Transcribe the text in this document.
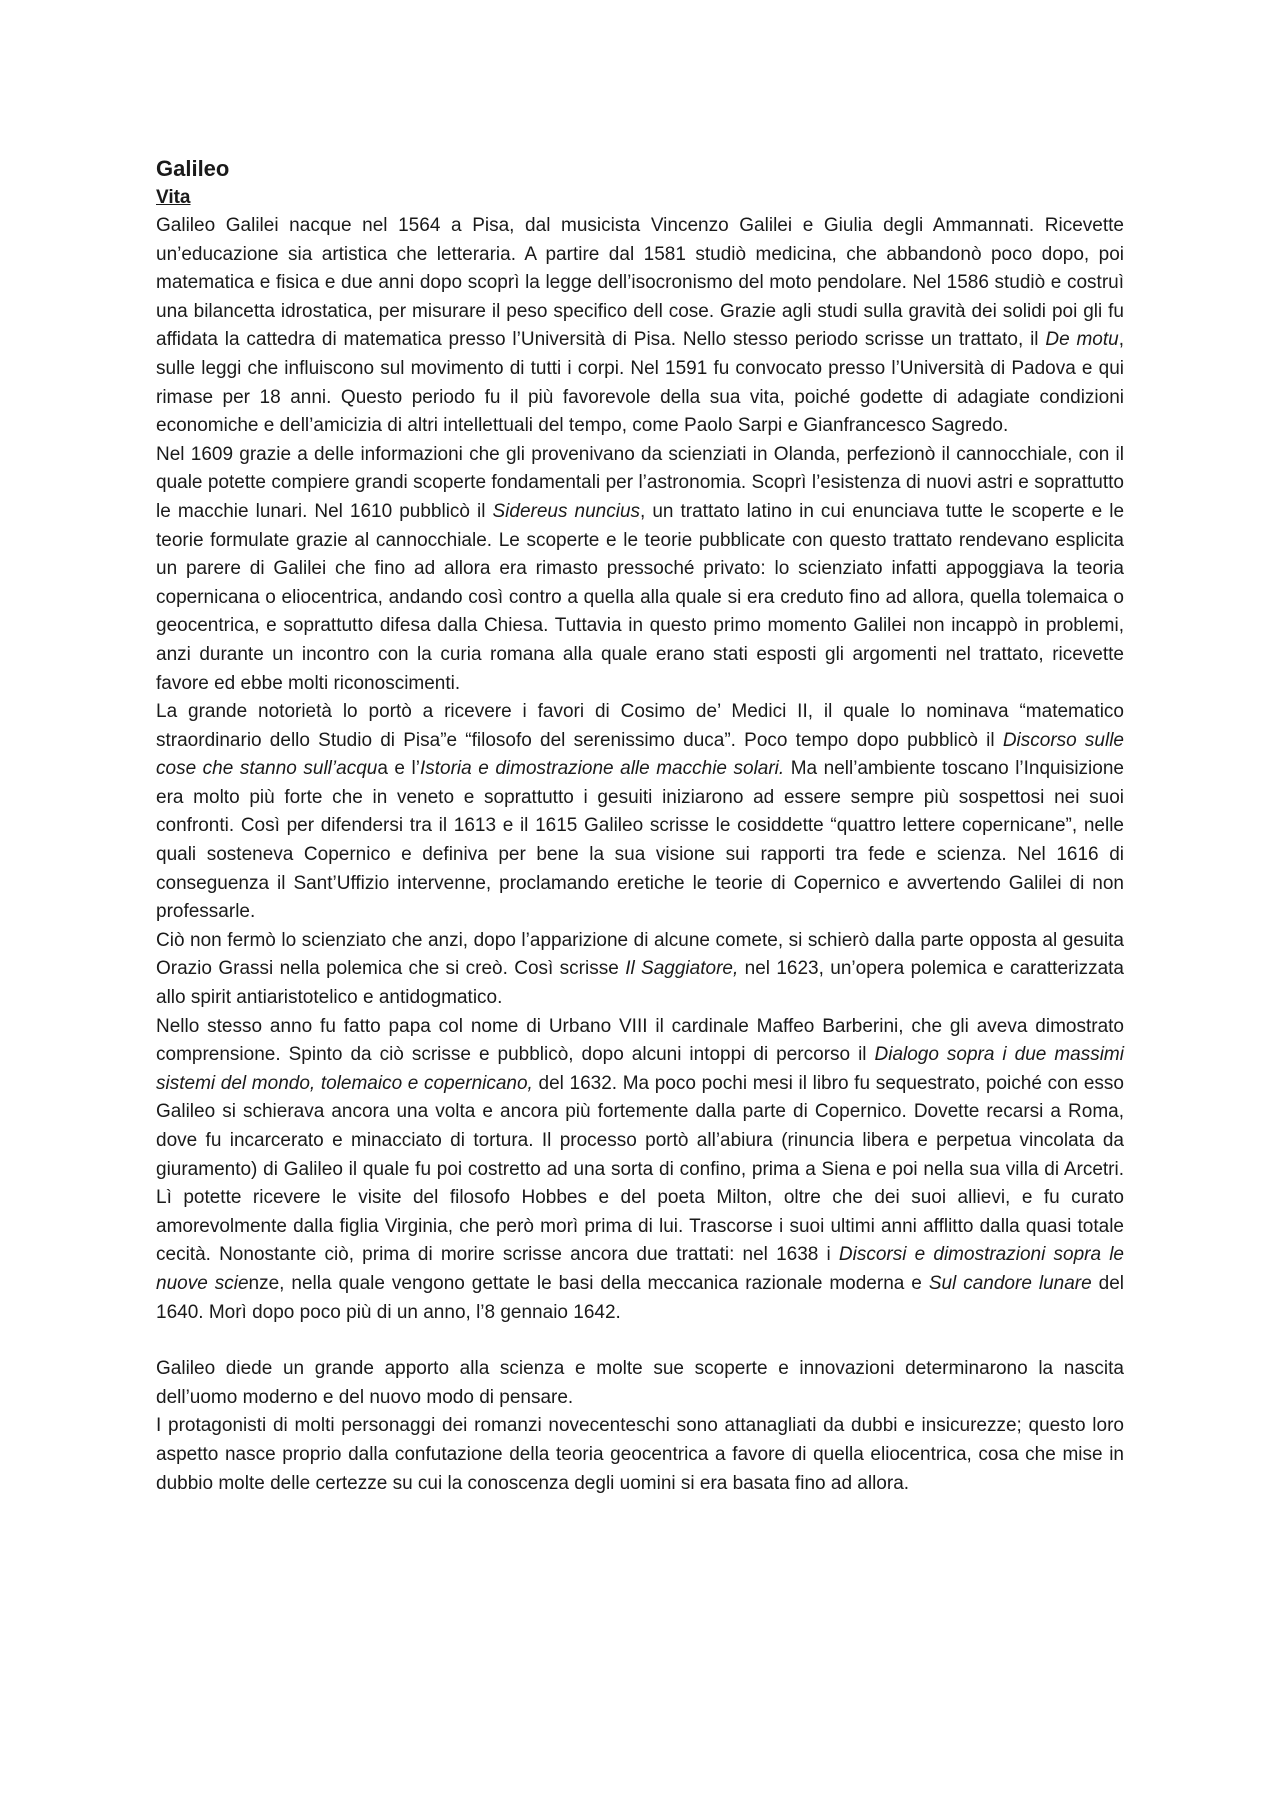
Galileo
Vita

Galileo Galilei nacque nel 1564 a Pisa, dal musicista Vincenzo Galilei e Giulia degli Ammannati. Ricevette un’educazione sia artistica che letteraria. A partire dal 1581 studiò medicina, che abbandonò poco dopo, poi matematica e fisica e due anni dopo scoprì la legge dell’isocronismo del moto pendolare. Nel 1586 studiò e costruì una bilancetta idrostatica, per misurare il peso specifico dell cose. Grazie agli studi sulla gravità dei solidi poi gli fu affidata la cattedra di matematica presso l’Università di Pisa. Nello stesso periodo scrisse un trattato, il De motu, sulle leggi che influiscono sul movimento di tutti i corpi. Nel 1591 fu convocato presso l’Università di Padova e qui rimase per 18 anni. Questo periodo fu il più favorevole della sua vita, poiché godette di adagiate condizioni economiche e dell’amicizia di altri intellettuali del tempo, come Paolo Sarpi e Gianfrancesco Sagredo.

Nel 1609 grazie a delle informazioni che gli provenivano da scienziati in Olanda, perfezionò il cannocchiale, con il quale potette compiere grandi scoperte fondamentali per l’astronomia. Scoprì l’esistenza di nuovi astri e soprattutto le macchie lunari. Nel 1610 pubblicò il Sidereus nuncius, un trattato latino in cui enunciava tutte le scoperte e le teorie formulate grazie al cannocchiale. Le scoperte e le teorie pubblicate con questo trattato rendevano esplicita un parere di Galilei che fino ad allora era rimasto pressoché privato: lo scienziato infatti appoggiava la teoria copernicana o eliocentrica, andando così contro a quella alla quale si era creduto fino ad allora, quella tolemaica o geocentrica, e soprattutto difesa dalla Chiesa. Tuttavia in questo primo momento Galilei non incappò in problemi, anzi durante un incontro con la curia romana alla quale erano stati esposti gli argomenti nel trattato, ricevette favore ed ebbe molti riconoscimenti.

La grande notorietà lo portò a ricevere i favori di Cosimo de’ Medici II, il quale lo nominava “matematico straordinario dello Studio di Pisa”e “filosofo del serenissimo duca”. Poco tempo dopo pubblicò il Discorso sulle cose che stanno sull’acqua e l’Istoria e dimostrazione alle macchie solari. Ma nell’ambiente toscano l’Inquisizione era molto più forte che in veneto e soprattutto i gesuiti iniziarono ad essere sempre più sospettosi nei suoi confronti. Così per difendersi tra il 1613 e il 1615 Galileo scrisse le cosiddette “quattro lettere copernicane”, nelle quali sosteneva Copernico e definiva per bene la sua visione sui rapporti tra fede e scienza. Nel 1616 di conseguenza il Sant’Uffizio intervenne, proclamando eretiche le teorie di Copernico e avvertendo Galilei di non professarle.

Ciò non fermò lo scienziato che anzi, dopo l’apparizione di alcune comete, si schierò dalla parte opposta al gesuita Orazio Grassi nella polemica che si creò. Così scrisse Il Saggiatore, nel 1623, un’opera polemica e caratterizzata allo spirit antiaristotelico e antidogmatico.

Nello stesso anno fu fatto papa col nome di Urbano VIII il cardinale Maffeo Barberini, che gli aveva dimostrato comprensione. Spinto da ciò scrisse e pubblicò, dopo alcuni intoppi di percorso il Dialogo sopra i due massimi sistemi del mondo, tolemaico e copernicano, del 1632. Ma poco pochi mesi il libro fu sequestrato, poiché con esso Galileo si schierava ancora una volta e ancora più fortemente dalla parte di Copernico. Dovette recarsi a Roma, dove fu incarcerato e minacciato di tortura. Il processo portò all’abiura (rinuncia libera e perpetua vincolata da giuramento) di Galileo il quale fu poi costretto ad una sorta di confino, prima a Siena e poi nella sua villa di Arcetri. Lì potette ricevere le visite del filosofo Hobbes e del poeta Milton, oltre che dei suoi allievi, e fu curato amorevolmente dalla figlia Virginia, che però morì prima di lui. Trascorse i suoi ultimi anni afflitto dalla quasi totale cecità. Nonostante ciò, prima di morire scrisse ancora due trattati: nel 1638 i Discorsi e dimostrazioni sopra le nuove scienze, nella quale vengono gettate le basi della meccanica razionale moderna e Sul candore lunare del 1640. Morì dopo poco più di un anno, l’8 gennaio 1642.

Galileo diede un grande apporto alla scienza e molte sue scoperte e innovazioni determinarono la nascita dell’uomo moderno e del nuovo modo di pensare.

I protagonisti di molti personaggi dei romanzi novecenteschi sono attanagliati da dubbi e insicurezze; questo loro aspetto nasce proprio dalla confutazione della teoria geocentrica a favore di quella eliocentrica, cosa che mise in dubbio molte delle certezze su cui la conoscenza degli uomini si era basata fino ad allora.
